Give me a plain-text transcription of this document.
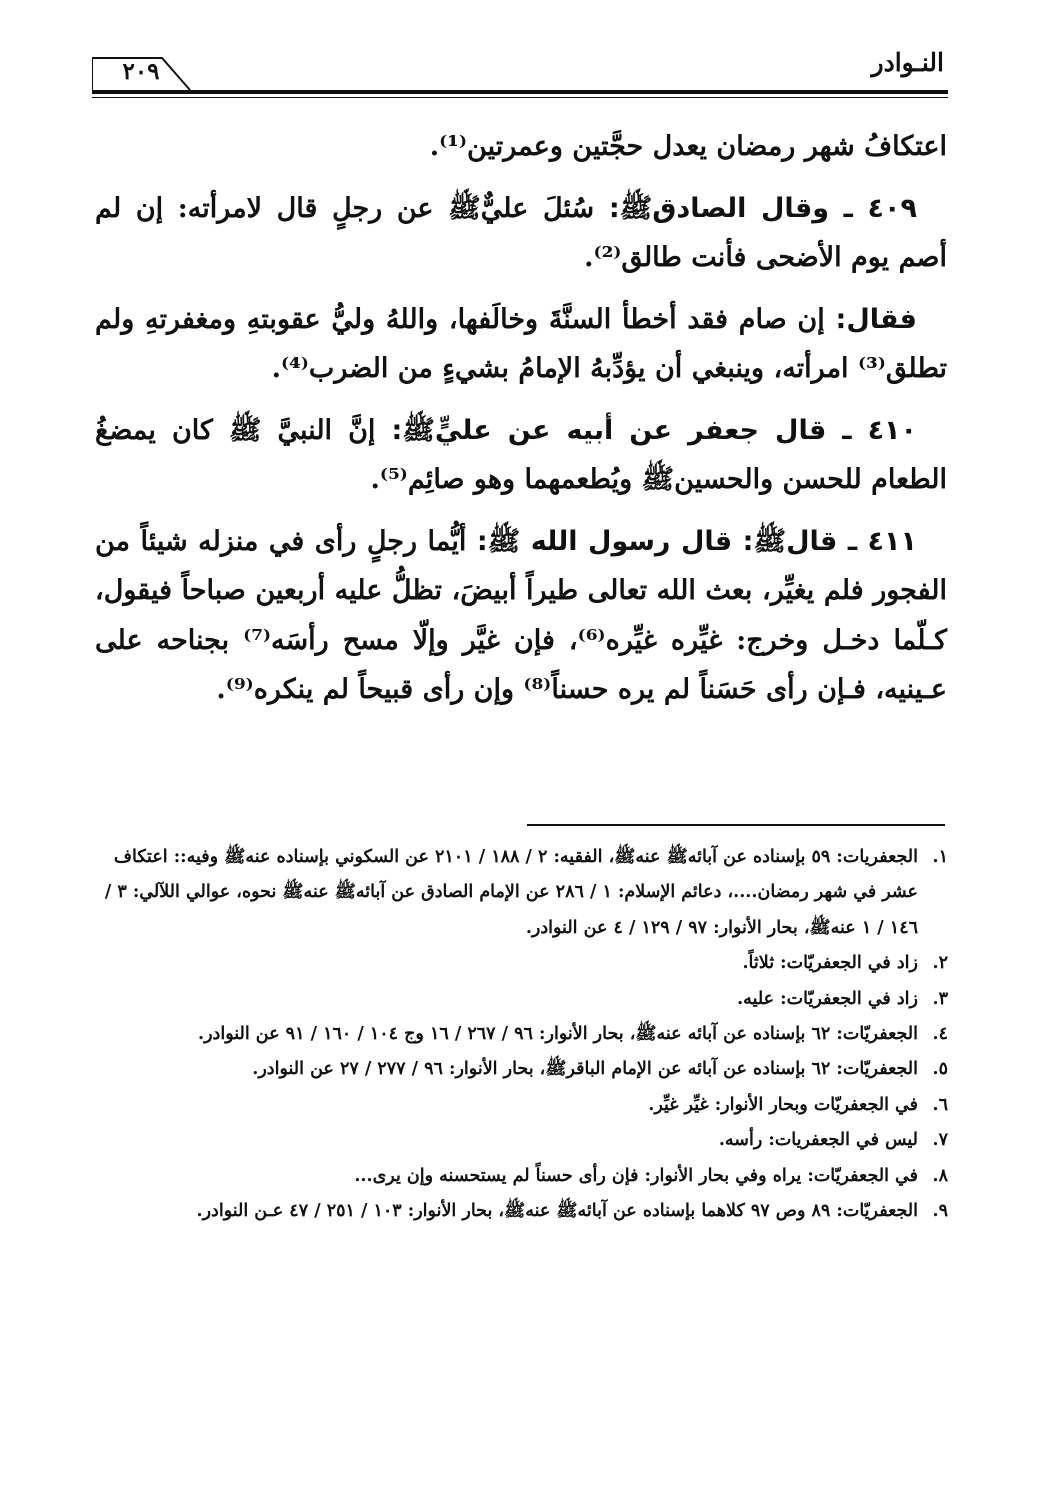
النـوادر
٢٠٩

اعتكافُ شهر رمضان يعدل حجَّتين وعمرتين⁽¹⁾.

٤٠٩ ـ وقال الصادقﷺ: سُئلَ عليٌّﷺ عن رجلٍ قال لامرأته: إن لم أصم يوم الأضحى فأنت طالق⁽²⁾.

فقال: إن صام فقد أخطأ السنَّةَ وخالَفها، واللهُ وليُّ عقوبتهِ ومغفرتهِ ولم تطلق⁽³⁾ امرأته، وينبغي أن يؤدِّبهُ الإمامُ بشيءٍ من الضرب⁽⁴⁾.

٤١٠ ـ قال جعفر عن أبيه عن عليٍّﷺ: إنَّ النبيَّ ﷺ كان يمضغُ الطعام للحسن والحسينﷺ ويُطعمهما وهو صائِم⁽⁵⁾.

٤١١ ـ قالﷺ: قال رسول الله ﷺ: أيُّما رجلٍ رأى في منزله شيئاً من الفجور فلم يغيِّر، بعث الله تعالى طيراً أبيضَ، تظلُّ عليه أربعين صباحاً فيقول، كـلّما دخـل وخرج: غيِّره غيِّره⁽⁶⁾، فإن غيَّر وإلّا مسح رأسَه⁽⁷⁾ بجناحه على عـينيه، فـإن رأى حَسَناً لم يره حسناً⁽⁸⁾ وإن رأى قبيحاً لم ينكره⁽⁹⁾.

١.
الجعفريات: ٥٩ بإسناده عن آبائهﷺ عنهﷺ، الفقيه: ٢ / ١٨٨ / ٢١٠١ عن السكوني بإسناده عنهﷺ وفيه:: اعتكاف عشر في شهر رمضان....، دعائم الإسلام: ١ / ٢٨٦ عن الإمام الصادق عن آبائهﷺ عنهﷺ نحوه، عوالي اللآلي: ٣ / ١٤٦ / ١ عنهﷺ، بحار الأنوار: ٩٧ / ١٢٩ / ٤ عن النوادر.

٢.
زاد في الجعفريّات: ثلاثاً.

٣.
زاد في الجعفريّات: عليه.

٤.
الجعفريّات: ٦٢ بإسناده عن آبائه عنهﷺ، بحار الأنوار: ٩٦ / ٢٦٧ / ١٦ وج ١٠٤ / ١٦٠ / ٩١ عن النوادر.

٥.
الجعفريّات: ٦٢ بإسناده عن آبائه عن الإمام الباقرﷺ، بحار الأنوار: ٩٦ / ٢٧٧ / ٢٧ عن النوادر.

٦.
في الجعفريّات وبحار الأنوار: غيِّر غيِّر.

٧.
ليس في الجعفريات: رأسه.

٨.
في الجعفريّات: يراه وفي بحار الأنوار: فإن رأى حسناً لم يستحسنه وإن يرى...

٩.
الجعفريّات: ٨٩ وص ٩٧ كلاهما بإسناده عن آبائهﷺ عنهﷺ، بحار الأنوار: ١٠٣ / ٢٥١ / ٤٧ عـن النوادر.
